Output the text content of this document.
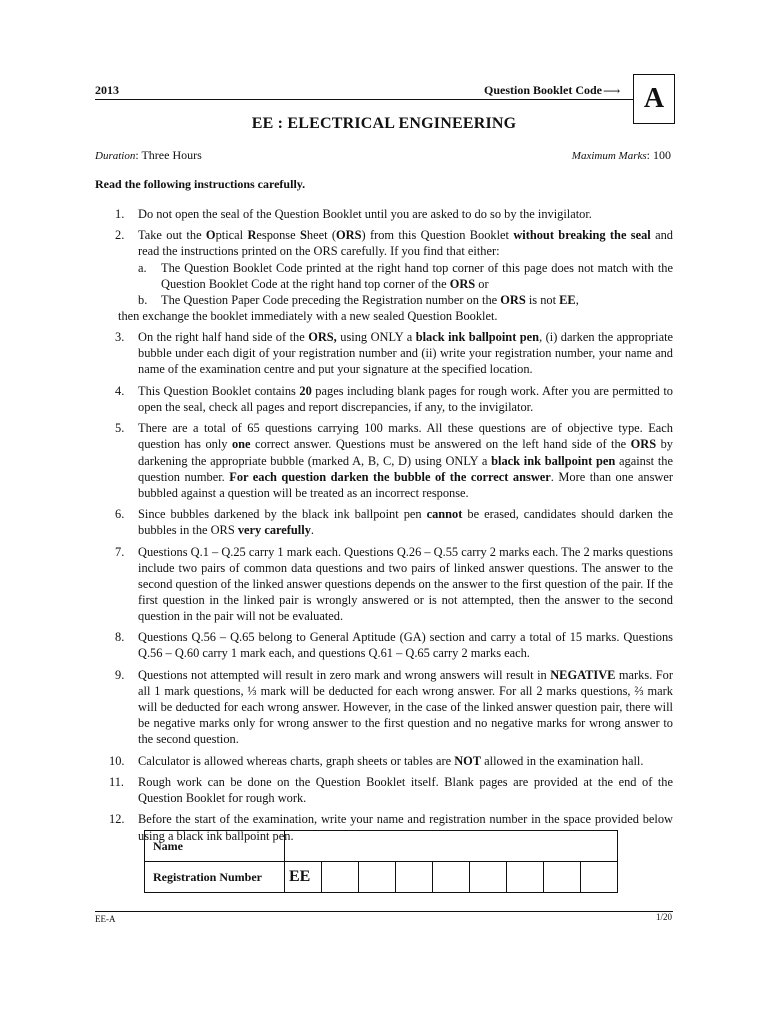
2013	Question Booklet Code ⟶ A
EE : ELECTRICAL ENGINEERING
Duration: Three Hours	Maximum Marks: 100
Read the following instructions carefully.
1. Do not open the seal of the Question Booklet until you are asked to do so by the invigilator.
2. Take out the Optical Response Sheet (ORS) from this Question Booklet without breaking the seal and read the instructions printed on the ORS carefully. If you find that either:
a. The Question Booklet Code printed at the right hand top corner of this page does not match with the Question Booklet Code at the right hand top corner of the ORS or
b. The Question Paper Code preceding the Registration number on the ORS is not EE,
then exchange the booklet immediately with a new sealed Question Booklet.
3. On the right half hand side of the ORS, using ONLY a black ink ballpoint pen, (i) darken the appropriate bubble under each digit of your registration number and (ii) write your registration number, your name and name of the examination centre and put your signature at the specified location.
4. This Question Booklet contains 20 pages including blank pages for rough work. After you are permitted to open the seal, check all pages and report discrepancies, if any, to the invigilator.
5. There are a total of 65 questions carrying 100 marks. All these questions are of objective type. Each question has only one correct answer. Questions must be answered on the left hand side of the ORS by darkening the appropriate bubble (marked A, B, C, D) using ONLY a black ink ballpoint pen against the question number. For each question darken the bubble of the correct answer. More than one answer bubbled against a question will be treated as an incorrect response.
6. Since bubbles darkened by the black ink ballpoint pen cannot be erased, candidates should darken the bubbles in the ORS very carefully.
7. Questions Q.1 – Q.25 carry 1 mark each. Questions Q.26 – Q.55 carry 2 marks each. The 2 marks questions include two pairs of common data questions and two pairs of linked answer questions. The answer to the second question of the linked answer questions depends on the answer to the first question of the pair. If the first question in the linked pair is wrongly answered or is not attempted, then the answer to the second question in the pair will not be evaluated.
8. Questions Q.56 – Q.65 belong to General Aptitude (GA) section and carry a total of 15 marks. Questions Q.56 – Q.60 carry 1 mark each, and questions Q.61 – Q.65 carry 2 marks each.
9. Questions not attempted will result in zero mark and wrong answers will result in NEGATIVE marks. For all 1 mark questions, ⅓ mark will be deducted for each wrong answer. For all 2 marks questions, ⅔ mark will be deducted for each wrong answer. However, in the case of the linked answer question pair, there will be negative marks only for wrong answer to the first question and no negative marks for wrong answer to the second question.
10. Calculator is allowed whereas charts, graph sheets or tables are NOT allowed in the examination hall.
11. Rough work can be done on the Question Booklet itself. Blank pages are provided at the end of the Question Booklet for rough work.
12. Before the start of the examination, write your name and registration number in the space provided below using a black ink ballpoint pen.
Name									
Registration Number	EE								
EE-A	1/20
